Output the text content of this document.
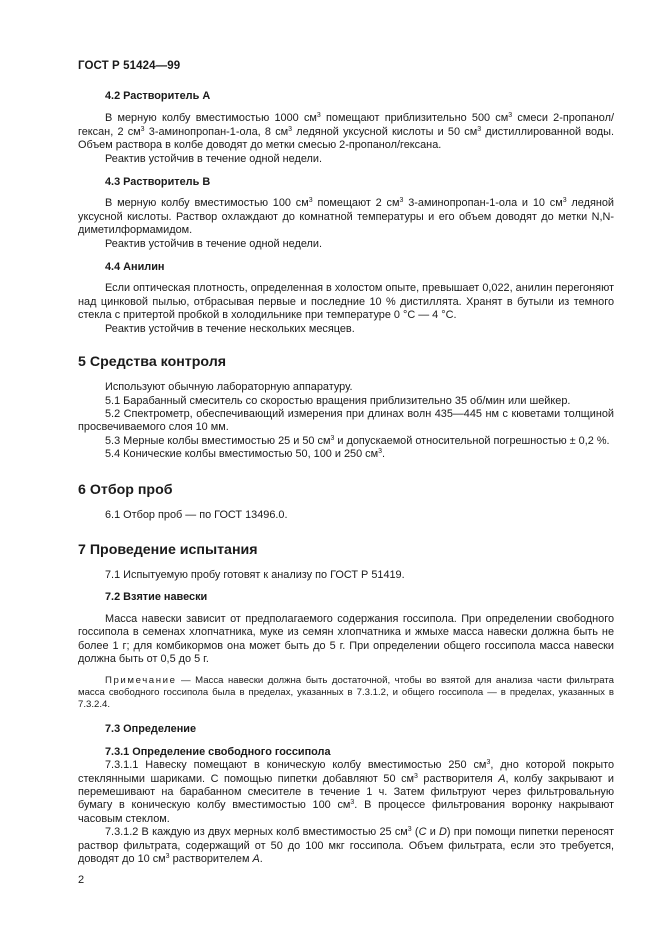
ГОСТ Р 51424—99
4.2 Растворитель А

В мерную колбу вместимостью 1000 $см^3$ помещают приблизительно 500 $см^3$ смеси 2-пропанол/гексан, 2 $см^3$ 3-аминопропан-1-ола, 8 $см^3$ ледяной уксусной кислоты и 50 $см^3$ дистиллированной воды. Объем раствора в колбе доводят до метки смесью 2-пропанол/гексана.

Реактив устойчив в течение одной недели.

4.3 Растворитель В

В мерную колбу вместимостью 100 $см^3$ помещают 2 $см^3$ 3-аминопропан-1-ола и 10 $см^3$ ледяной уксусной кислоты. Раствор охлаждают до комнатной температуры и его объем доводят до метки N,N-диметилформамидом.

Реактив устойчив в течение одной недели.

4.4 Анилин

Если оптическая плотность, определенная в холостом опыте, превышает 0,022, анилин перегоняют над цинковой пылью, отбрасывая первые и последние 10 % дистиллята. Хранят в бутыли из темного стекла с притертой пробкой в холодильнике при температуре 0 °С — 4 °С.

Реактив устойчив в течение нескольких месяцев.

5 Средства контроля

Используют обычную лабораторную аппаратуру.

5.1 Барабанный смеситель со скоростью вращения приблизительно 35 об/мин или шейкер.

5.2 Спектрометр, обеспечивающий измерения при длинах волн 435—445 нм с кюветами толщиной просвечиваемого слоя 10 мм.

5.3 Мерные колбы вместимостью 25 и 50 $см^3$ и допускаемой относительной погрешностью ± 0,2 %.

5.4 Конические колбы вместимостью 50, 100 и 250 $см^3$.

6 Отбор проб

6.1 Отбор проб — по ГОСТ 13496.0.

7 Проведение испытания

7.1 Испытуемую пробу готовят к анализу по ГОСТ Р 51419.

7.2 Взятие навески

Масса навески зависит от предполагаемого содержания госсипола. При определении свободного госсипола в семенах хлопчатника, муке из семян хлопчатника и жмыхе масса навески должна быть не более 1 г; для комбикормов она может быть до 5 г. При определении общего госсипола масса навески должна быть от 0,5 до 5 г.

Примечание — Масса навески должна быть достаточной, чтобы во взятой для анализа части фильтрата масса свободного госсипола была в пределах, указанных в 7.3.1.2, и общего госсипола — в пределах, указанных в 7.3.2.4.

7.3 Определение
7.3.1 Определение свободного госсипола

7.3.1.1 Навеску помещают в коническую колбу вместимостью 250 $см^3$, дно которой покрыто стеклянными шариками. С помощью пипетки добавляют 50 $см^3$ растворителя А, колбу закрывают и перемешивают на барабанном смесителе в течение 1 ч. Затем фильтруют через фильтровальную бумагу в коническую колбу вместимостью 100 $см^3$. В процессе фильтрования воронку накрывают часовым стеклом.

7.3.1.2 В каждую из двух мерных колб вместимостью 25 $см^3$ (С и D) при помощи пипетки переносят раствор фильтрата, содержащий от 50 до 100 мкг госсипола. Объем фильтрата, если это требуется, доводят до 10 $см^3$ растворителем А.

2
